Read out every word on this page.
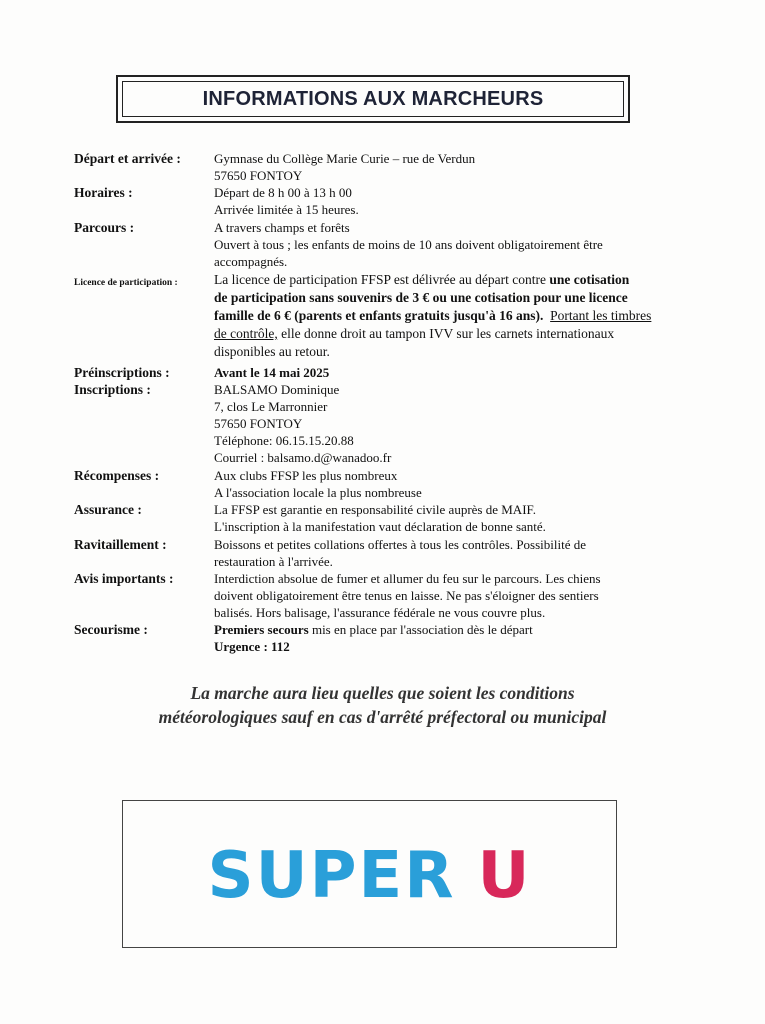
INFORMATIONS AUX MARCHEURS
Départ et arrivée :	Gymnase du Collège Marie Curie – rue de Verdun
57650 FONTOY
Horaires :	Départ de 8 h 00 à 13 h 00
Arrivée limitée à 15 heures.
Parcours :	A travers champs et forêts
Ouvert à tous ; les enfants de moins de 10 ans doivent obligatoirement être
accompagnés.
Licence de participation :	La licence de participation FFSP est délivrée au départ contre une cotisation
de participation sans souvenirs de 3 € ou une cotisation pour une licence
famille de 6 € (parents et enfants gratuits jusqu'à 16 ans). Portant les timbres
de contrôle, elle donne droit au tampon IVV sur les carnets internationaux
disponibles au retour.
Préinscriptions :	Avant le 14 mai 2025
Inscriptions :	BALSAMO Dominique
7, clos Le Marronnier
57650 FONTOY
Téléphone: 06.15.15.20.88
Courriel : balsamo.d@wanadoo.fr
Récompenses :	Aux clubs FFSP les plus nombreux
A l'association locale la plus nombreuse
Assurance :	La FFSP est garantie en responsabilité civile auprès de MAIF.
L'inscription à la manifestation vaut déclaration de bonne santé.
Ravitaillement :	Boissons et petites collations offertes à tous les contrôles. Possibilité de
restauration à l'arrivée.
Avis importants :	Interdiction absolue de fumer et allumer du feu sur le parcours. Les chiens
doivent obligatoirement être tenus en laisse. Ne pas s'éloigner des sentiers
balisés. Hors balisage, l'assurance fédérale ne vous couvre plus.
Secourisme :	Premiers secours mis en place par l'association dès le départ
Urgence : 112
La marche aura lieu quelles que soient les conditions
météorologiques sauf en cas d'arrêté préfectoral ou municipal
SUPER U
